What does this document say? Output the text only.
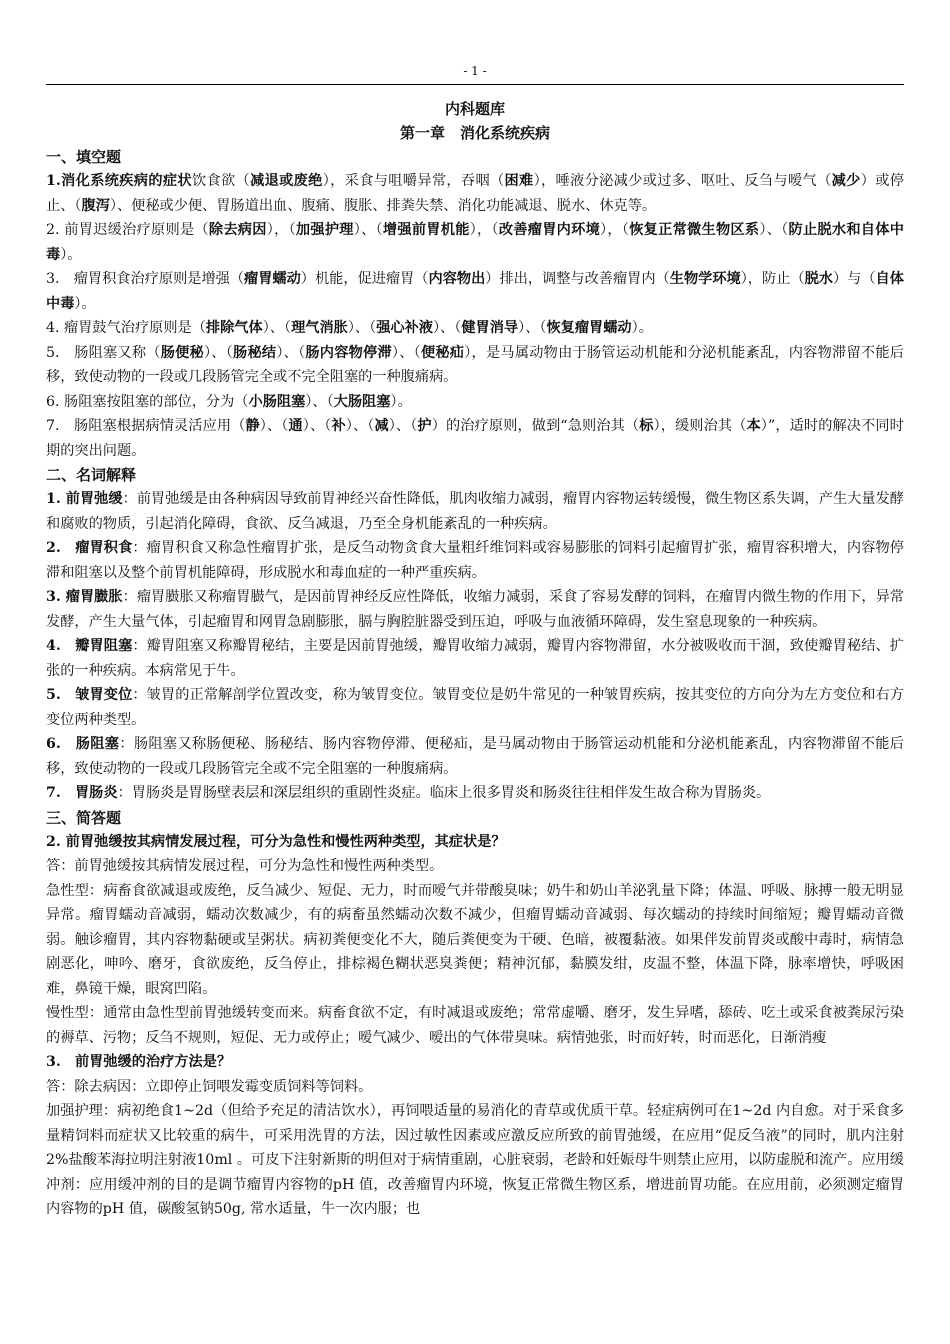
- 1 -
内科题库
第一章　消化系统疾病
一、填空题
1.消化系统疾病的症状饮食欲（减退或废绝），采食与咀嚼异常，吞咽（困难），唾液分泌减少或过多、呕吐、反刍与嗳气（减少）或停止、（腹泻）、便秘或少便、胃肠道出血、腹痛、腹胀、排粪失禁、消化功能减退、脱水、休克等。
2. 前胃迟缓治疗原则是（除去病因），（加强护理）、（增强前胃机能），（改善瘤胃内环境），（恢复正常微生物区系）、（防止脱水和自体中毒）。
3.　瘤胃积食治疗原则是增强（瘤胃蠕动）机能，促进瘤胃（内容物出）排出，调整与改善瘤胃内（生物学环境），防止（脱水）与（自体中毒）。
4. 瘤胃鼓气治疗原则是（排除气体）、（理气消胀）、（强心补液）、（健胃消导）、（恢复瘤胃蠕动）。
5.　肠阻塞又称（肠便秘）、（肠秘结）、（肠内容物停滞）、（便秘疝），是马属动物由于肠管运动机能和分泌机能紊乱，内容物滞留不能后移，致使动物的一段或几段肠管完全或不完全阻塞的一种腹痛病。
6. 肠阻塞按阻塞的部位，分为（小肠阻塞）、（大肠阻塞）。
7.　肠阻塞根据病情灵活应用（静）、（通）、（补）、（减）、（护）的治疗原则，做到“急则治其（标），缓则治其（本）”，适时的解决不同时期的突出问题。
二、名词解释
1. 前胃弛缓：前胃弛缓是由各种病因导致前胃神经兴奋性降低，肌肉收缩力减弱，瘤胃内容物运转缓慢，微生物区系失调，产生大量发酵和腐败的物质，引起消化障碍，食欲、反刍减退，乃至全身机能紊乱的一种疾病。
2.　瘤胃积食：瘤胃积食又称急性瘤胃扩张，是反刍动物贪食大量粗纤维饲料或容易膨胀的饲料引起瘤胃扩张，瘤胃容积增大，内容物停滞和阻塞以及整个前胃机能障碍，形成脱水和毒血症的一种严重疾病。
3. 瘤胃臌胀：瘤胃臌胀又称瘤胃臌气，是因前胃神经反应性降低，收缩力减弱，采食了容易发酵的饲料，在瘤胃内微生物的作用下，异常发酵，产生大量气体，引起瘤胃和网胃急剧膨胀，膈与胸腔脏器受到压迫，呼吸与血液循环障碍，发生窒息现象的一种疾病。
4.　瓣胃阻塞：瓣胃阻塞又称瓣胃秘结，主要是因前胃弛缓，瓣胃收缩力减弱，瓣胃内容物滞留，水分被吸收而干涸，致使瓣胃秘结、扩张的一种疾病。本病常见于牛。
5.　皱胃变位：皱胃的正常解剖学位置改变，称为皱胃变位。皱胃变位是奶牛常见的一种皱胃疾病，按其变位的方向分为左方变位和右方变位两种类型。
6.　肠阻塞：肠阻塞又称肠便秘、肠秘结、肠内容物停滞、便秘疝，是马属动物由于肠管运动机能和分泌机能紊乱，内容物滞留不能后移，致使动物的一段或几段肠管完全或不完全阻塞的一种腹痛病。
7.　胃肠炎：胃肠炎是胃肠壁表层和深层组织的重剧性炎症。临床上很多胃炎和肠炎往往相伴发生故合称为胃肠炎。
三、简答题
2. 前胃弛缓按其病情发展过程，可分为急性和慢性两种类型，其症状是？
答：前胃弛缓按其病情发展过程，可分为急性和慢性两种类型。
急性型：病畜食欲减退或废绝，反刍减少、短促、无力，时而嗳气并带酸臭味；奶牛和奶山羊泌乳量下降；体温、呼吸、脉搏一般无明显异常。瘤胃蠕动音减弱，蠕动次数减少，有的病畜虽然蠕动次数不减少，但瘤胃蠕动音减弱、每次蠕动的持续时间缩短；瓣胃蠕动音微弱。触诊瘤胃，其内容物黏硬或呈粥状。病初粪便变化不大，随后粪便变为干硬、色暗，被覆黏液。如果伴发前胃炎或酸中毒时，病情急剧恶化，呻吟、磨牙，食欲废绝，反刍停止，排棕褐色糊状恶臭粪便；精神沉郁，黏膜发绀，皮温不整，体温下降，脉率增快，呼吸困难，鼻镜干燥，眼窝凹陷。
慢性型：通常由急性型前胃弛缓转变而来。病畜食欲不定，有时减退或废绝；常常虚嚼、磨牙，发生异嗜，舔砖、吃土或采食被粪尿污染的褥草、污物；反刍不规则，短促、无力或停止；嗳气减少、嗳出的气体带臭味。病情弛张，时而好转，时而恶化，日渐消瘦
3.　前胃弛缓的治疗方法是？
答：除去病因：立即停止饲喂发霉变质饲料等饲料。
加强护理：病初绝食1~2d（但给予充足的清洁饮水），再饲喂适量的易消化的青草或优质干草。轻症病例可在1~2d 内自愈。对于采食多量精饲料而症状又比较重的病牛，可采用洗胃的方法，因过敏性因素或应激反应所致的前胃弛缓，在应用“促反刍液”的同时，肌内注射2%盐酸苯海拉明注射液10ml 。可皮下注射新斯的明但对于病情重剧，心脏衰弱，老龄和妊娠母牛则禁止应用，以防虚脱和流产。应用缓冲剂：应用缓冲剂的目的是调节瘤胃内容物的pH 值，改善瘤胃内环境，恢复正常微生物区系，增进前胃功能。在应用前，必须测定瘤胃内容物的pH 值，碳酸氢钠50g, 常水适量，牛一次内服；也
